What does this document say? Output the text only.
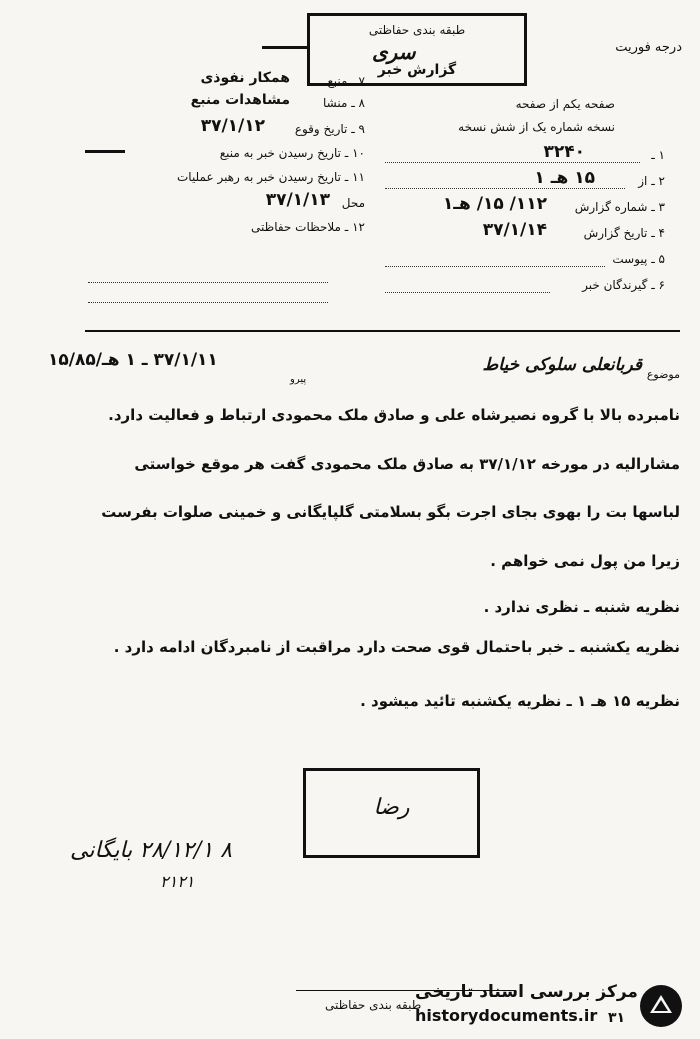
درجه فوریت
طبقه بندی حفاظتی
سری
گزارش خبر
صفحه یکم از صفحه
نسخه شماره یک از شش نسخه
۱ ـ
۳۲۴۰
۲ ـ از
۱۵ هـ ۱
۳ ـ شماره گزارش
۱۱۲/ ۱۵/ هـ۱
۴ ـ تاریخ گزارش
۳۷/۱/۱۴
۵ ـ پیوست
۶ ـ گیرندگان خبر
۷ ـ منبع
همکار نفوذی
۸ ـ منشا
مشاهدات منبع
۹ ـ تاریخ وقوع
۳۷/۱/۱۲
۱۰ ـ تاریخ رسیدن خبر به منبع
۱۱ ـ تاریخ رسیدن خبر به رهبر عملیات
محل
۳۷/۱/۱۳
۱۲ ـ ملاحظات حفاظتی
موضوع
قربانعلی سلوکی خیاط
۳۷/۱/۱۱ ـ ۱ هـ/۱۵/۸۵
پیرو
نامبرده بالا با گروه نصیرشاه علی و صادق ملک محمودی ارتباط و فعالیت دارد.
مشارالیه در مورخه ۳۷/۱/۱۲ به صادق ملک محمودی گفت هر موقع خواستی
لباسها بت را بهوی بجای اجرت بگو بسلامتی گلپایگانی و خمینی صلوات بفرست
زیرا من پول نمی خواهم .
نظریه شنبه ـ نظری ندارد .
نظریه یکشنبه ـ خبر باحتمال قوی صحت دارد مراقبت از نامبردگان ادامه دارد .
نظریه ۱۵ هـ ۱ ـ نظریه یکشنبه تائید میشود .
رضا
۸ ۲۸/۱۲/۱ بایگانی
۲۱۲۱
طبقه بندی حفاظتی
۳۱
مرکز بررسی اسناد تاریخی
historydocuments.ir
